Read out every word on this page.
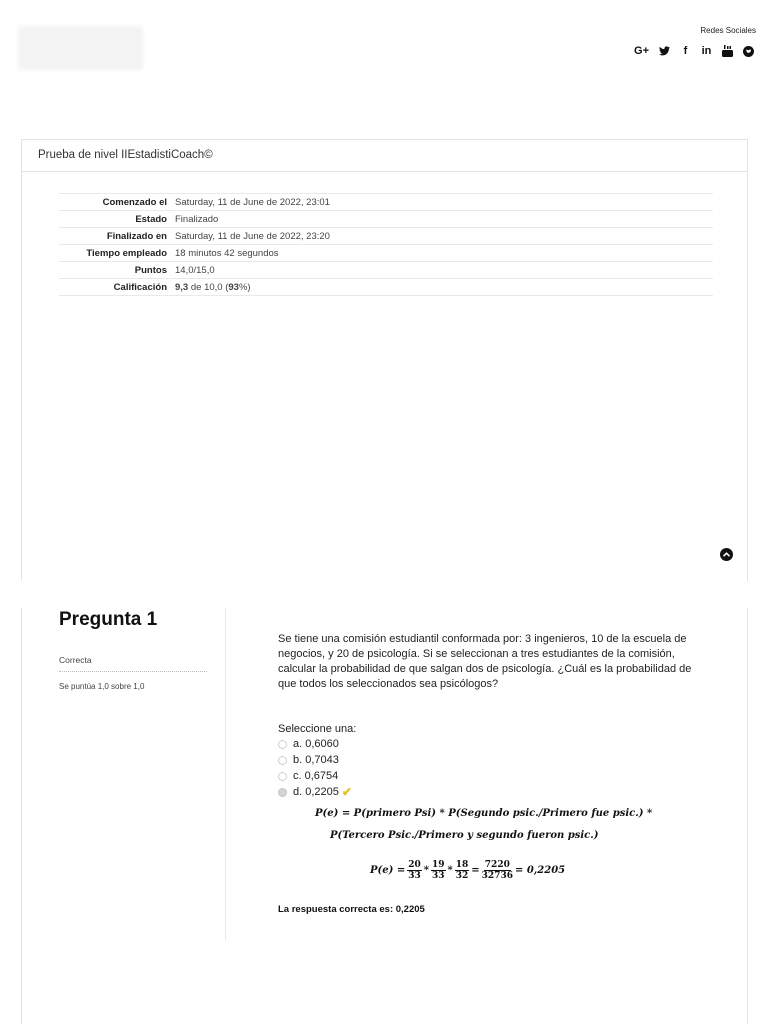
Redes Sociales
G+	f	in
Prueba de nivel IIEstadistiCoach©
Comenzado el	Saturday, 11 de June de 2022, 23:01
Estado	Finalizado
Finalizado en	Saturday, 11 de June de 2022, 23:20
Tiempo empleado	18 minutos 42 segundos
Puntos	14,0/15,0
Calificación	9,3 de 10,0 (93%)
Pregunta 1
Correcta
Se puntúa 1,0 sobre 1,0

Se tiene una comisión estudiantil conformada por: 3 ingenieros, 10 de la escuela de negocios, y 20 de psicología. Si se seleccionan a tres estudiantes de la comisión, calcular la probabilidad de que salgan dos de psicología. ¿Cuál es la probabilidad de que todos los seleccionados sea psicólogos?

Seleccione una:
a. 0,6060
b. 0,7043
c. 0,6754
d. 0,2205 ✔
P(e) = P(primero Psi) * P(Segundo psic./Primero fue psic.) *
P(Tercero Psic./Primero y segundo fueron psic.)
$P(e) = \frac{20}{33} * \frac{19}{33} * \frac{18}{32} = \frac{7220}{32736} = 0,2205$
La respuesta correcta es: 0,2205
